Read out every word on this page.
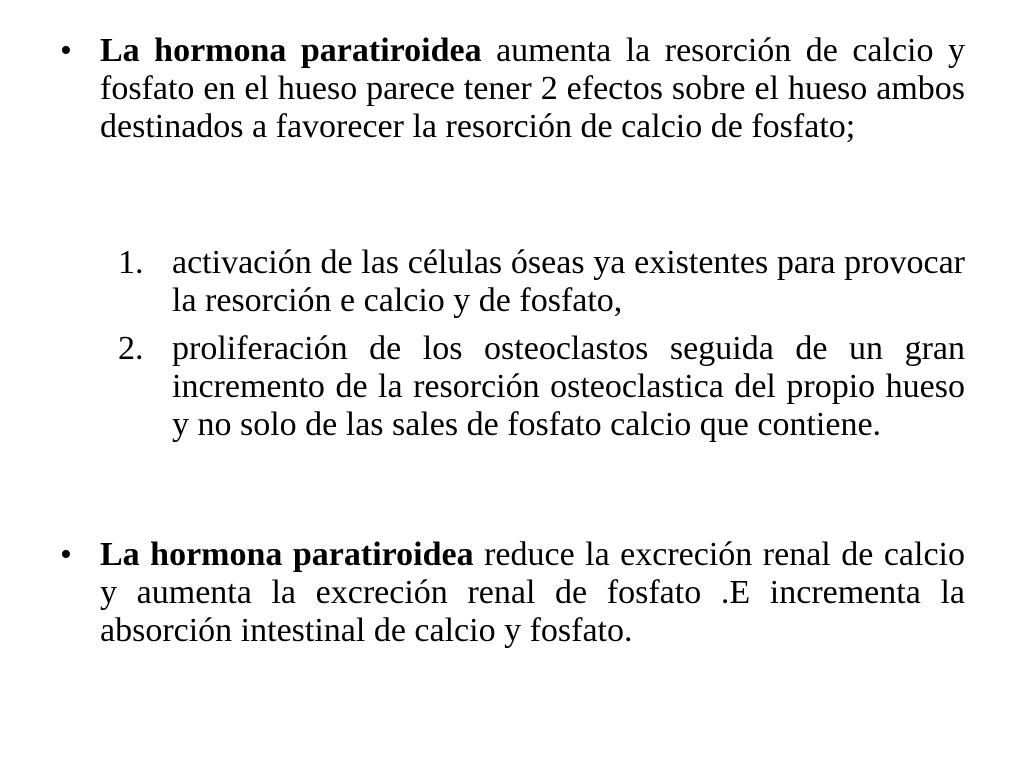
• La hormona paratiroidea aumenta la resorción de calcio y fosfato en el hueso parece tener 2 efectos sobre el hueso ambos destinados a favorecer la resorción de calcio de fosfato;
1. activación de las células óseas ya existentes para provocar la resorción e calcio y de fosfato,
2. proliferación de los osteoclastos seguida de un gran incremento de la resorción osteoclastica del propio hueso y no solo de las sales de fosfato calcio que contiene.
• La hormona paratiroidea reduce la excreción renal de calcio y aumenta la excreción renal de fosfato .E incrementa la absorción intestinal de calcio y fosfato.
